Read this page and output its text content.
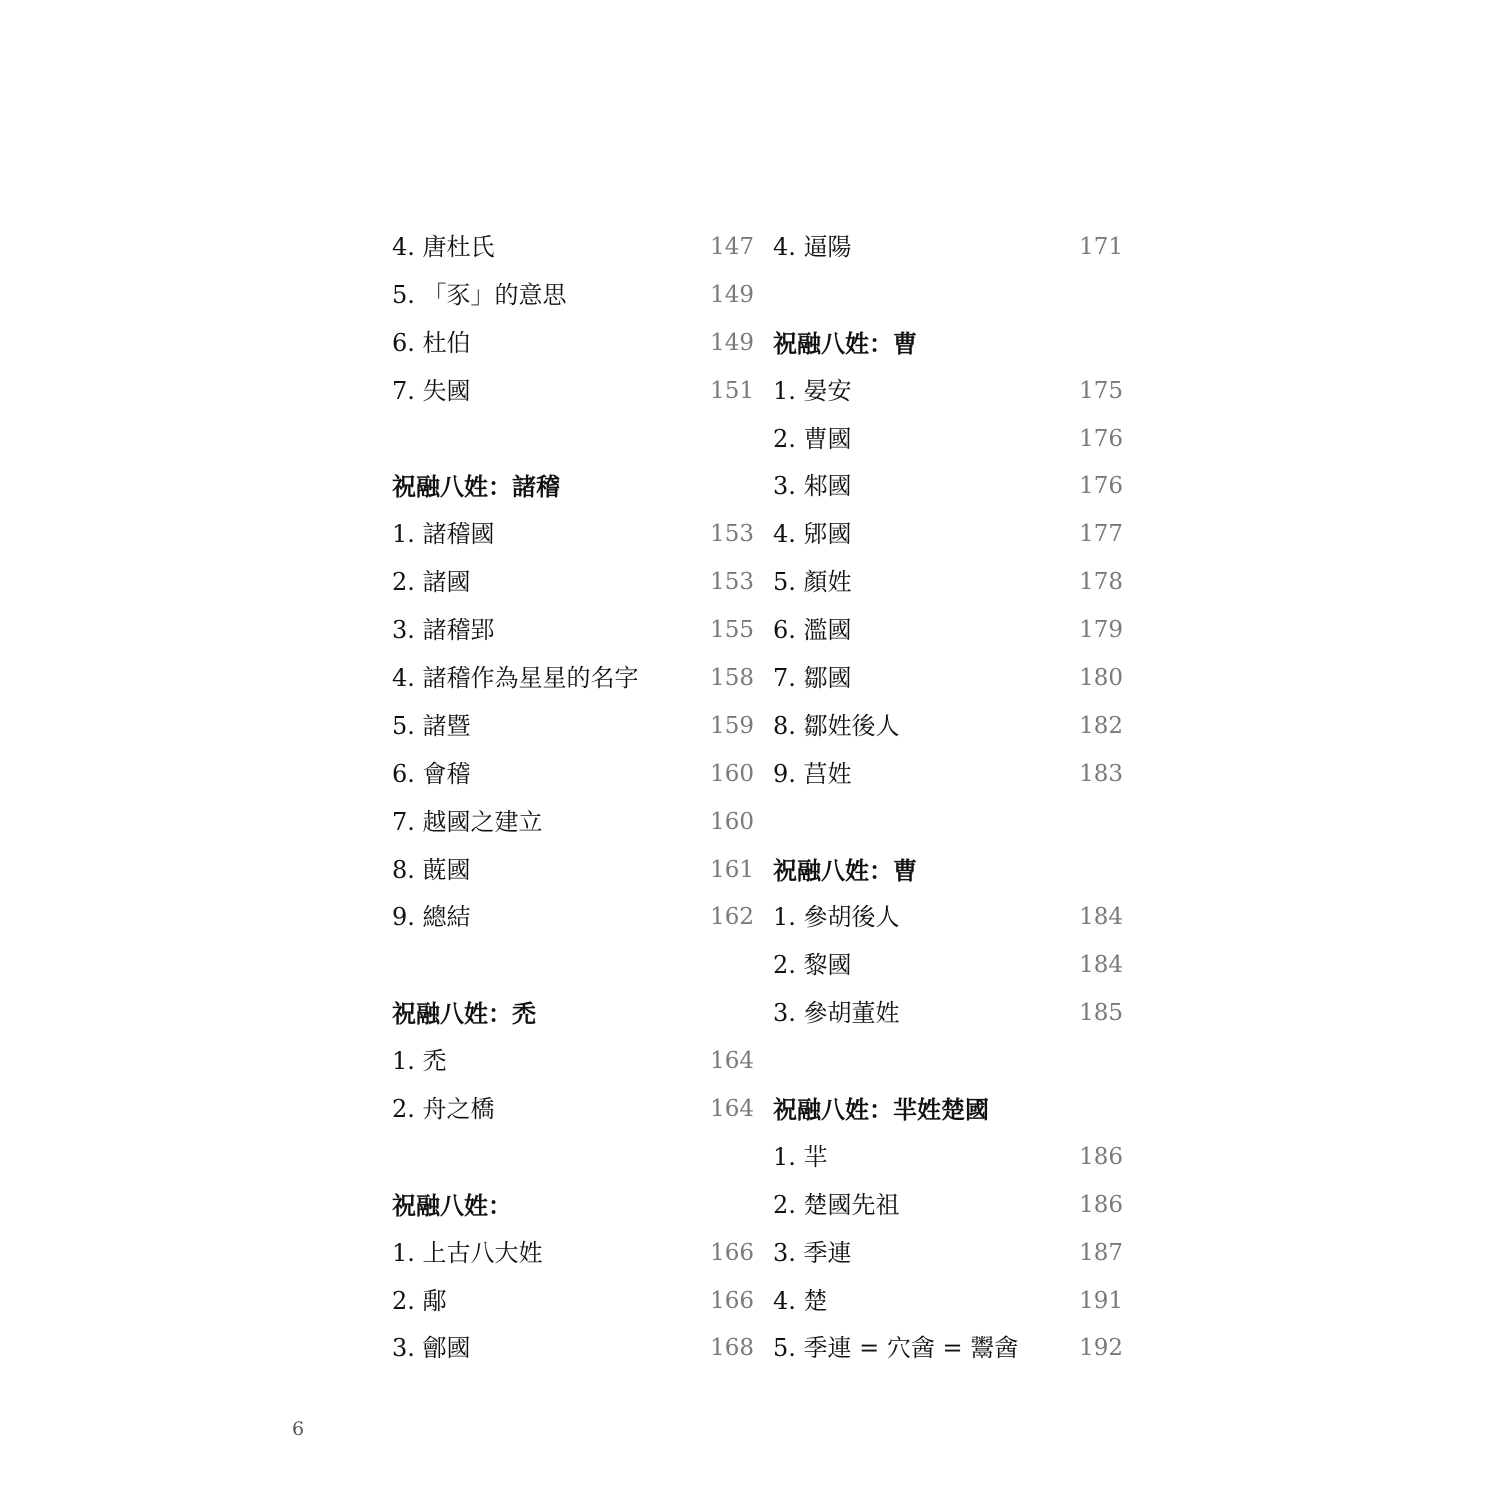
4. 唐杜氏	147
5. 「豕」的意思	149
6. 杜伯	149
7. 失國	151
祝融八姓：諸稽
1. 諸稽國	153
2. 諸國	153
3. 諸稽郢	155
4. 諸稽作為星星的名字	158
5. 諸暨	159
6. 會稽	160
7. 越國之建立	160
8. 蔇國	161
9. 總結	162
祝融八姓：禿
1. 禿	164
2. 舟之橋	164
祝融八姓：
1. 上古八大姓	166
2. 鄅	166
3. 鄶國	168
4. 逼陽	171
祝融八姓：曹
1. 晏安	175
2. 曹國	176
3. 邾國	176
4. 郳國	177
5. 顏姓	178
6. 濫國	179
7. 鄒國	180
8. 鄒姓後人	182
9. 莒姓	183
祝融八姓：曹
1. 參胡後人	184
2. 黎國	184
3. 參胡董姓	185
祝融八姓：羋姓楚國
1. 羋	186
2. 楚國先祖	186
3. 季連	187
4. 楚	191
5. 季連 = 穴酓 = 鬻酓	192
6
